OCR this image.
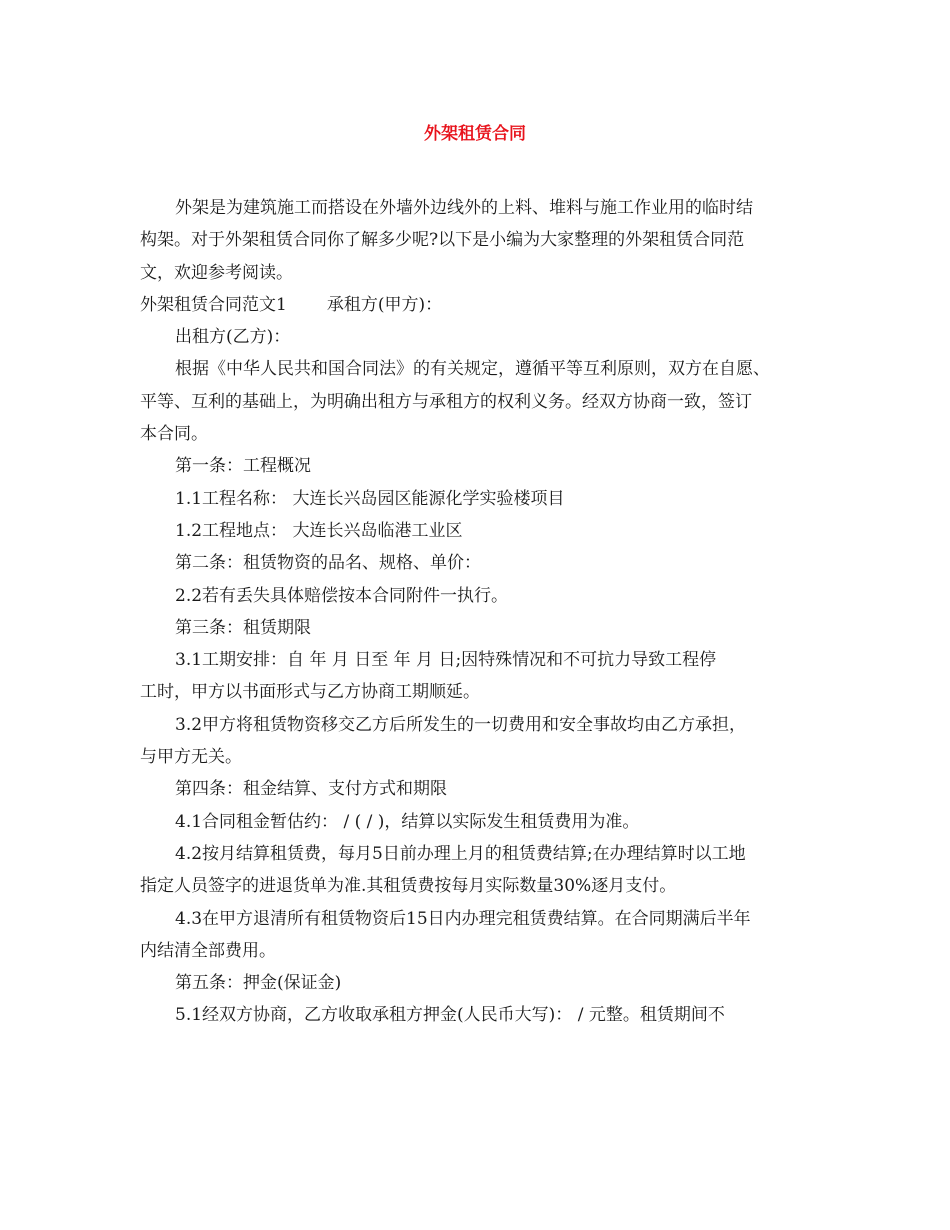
外架租赁合同

外架是为建筑施工而搭设在外墙外边线外的上料、堆料与施工作业用的临时结

构架。对于外架租赁合同你了解多少呢?以下是小编为大家整理的外架租赁合同范

文，欢迎参考阅读。

外架租赁合同范文1 承租方(甲方)：

出租方(乙方)：

根据《中华人民共和国合同法》的有关规定，遵循平等互利原则，双方在自愿、

平等、互利的基础上，为明确出租方与承租方的权利义务。经双方协商一致，签订

本合同。

第一条：工程概况

1.1工程名称： 大连长兴岛园区能源化学实验楼项目

1.2工程地点： 大连长兴岛临港工业区

第二条：租赁物资的品名、规格、单价：

2.2若有丢失具体赔偿按本合同附件一执行。

第三条：租赁期限

3.1工期安排：自 年 月 日至 年 月 日;因特殊情况和不可抗力导致工程停

工时，甲方以书面形式与乙方协商工期顺延。

3.2甲方将租赁物资移交乙方后所发生的一切费用和安全事故均由乙方承担，

与甲方无关。

第四条：租金结算、支付方式和期限

4.1合同租金暂估约： / ( / )，结算以实际发生租赁费用为准。

4.2按月结算租赁费，每月5日前办理上月的租赁费结算;在办理结算时以工地

指定人员签字的进退货单为准.其租赁费按每月实际数量30%逐月支付。

4.3在甲方退清所有租赁物资后15日内办理完租赁费结算。在合同期满后半年

内结清全部费用。

第五条：押金(保证金)

5.1经双方协商，乙方收取承租方押金(人民币大写)： / 元整。租赁期间不
